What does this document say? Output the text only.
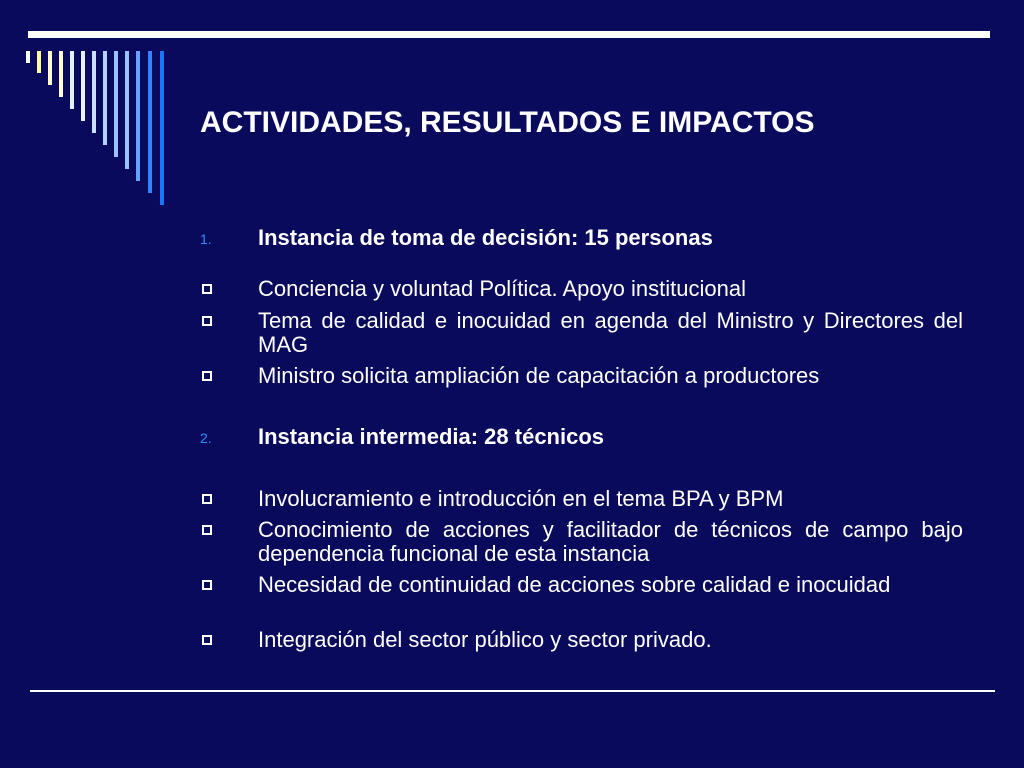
ACTIVIDADES, RESULTADOS E IMPACTOS
1. Instancia de toma de decisión: 15 personas
Conciencia y voluntad Política. Apoyo institucional
Tema de calidad e inocuidad en agenda del Ministro y Directores del MAG
Ministro solicita ampliación de capacitación a productores
2. Instancia intermedia: 28 técnicos
Involucramiento e introducción en el tema BPA y BPM
Conocimiento de acciones y facilitador de técnicos de campo bajo dependencia funcional de esta instancia
Necesidad de continuidad de acciones sobre calidad e inocuidad
Integración del sector público y sector privado.
